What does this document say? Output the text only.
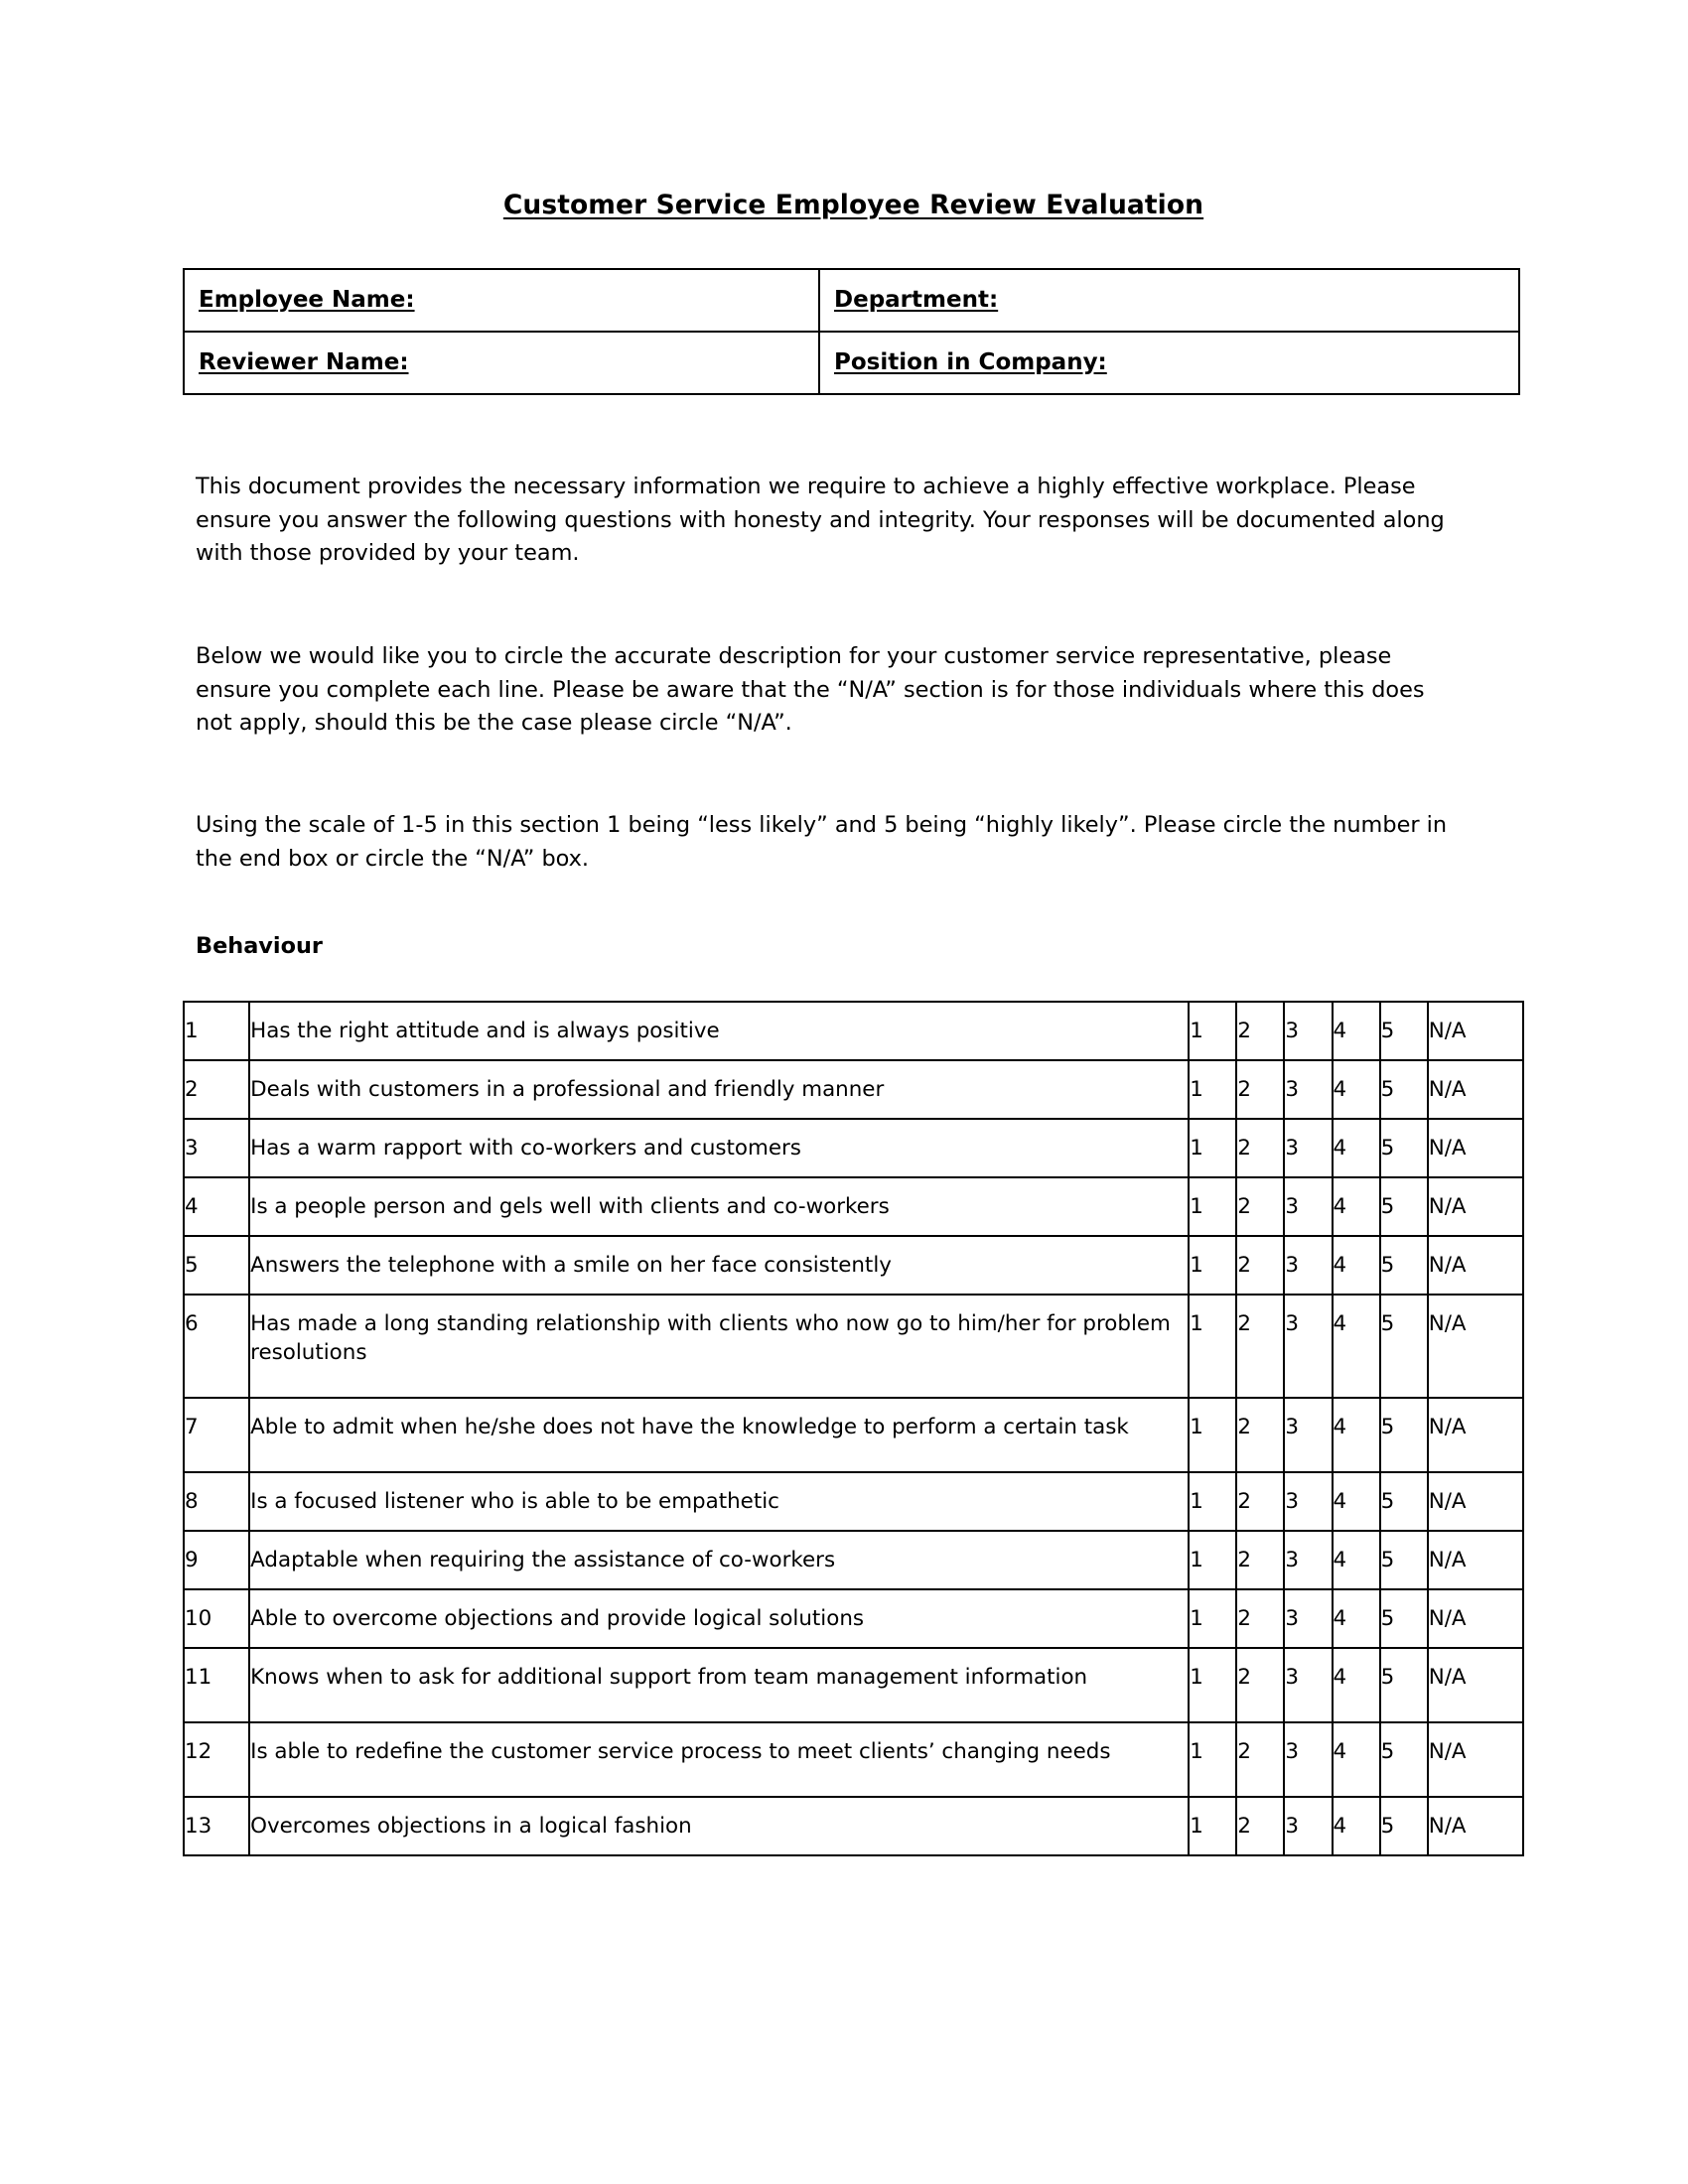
Customer Service Employee Review Evaluation
Employee Name:	Department:
Reviewer Name:	Position in Company:

This document provides the necessary information we require to achieve a highly effective workplace. Please ensure you answer the following questions with honesty and integrity. Your responses will be documented along with those provided by your team.

Below we would like you to circle the accurate description for your customer service representative, please ensure you complete each line. Please be aware that the “N/A” section is for those individuals where this does not apply, should this be the case please circle “N/A”.

Using the scale of 1-5 in this section 1 being “less likely” and 5 being “highly likely”. Please circle the number in the end box or circle the “N/A” box.

Behaviour
1	Has the right attitude and is always positive	1	2	3	4	5	N/A
2	Deals with customers in a professional and friendly manner	1	2	3	4	5	N/A
3	Has a warm rapport with co-workers and customers	1	2	3	4	5	N/A
4	Is a people person and gels well with clients and co-workers	1	2	3	4	5	N/A
5	Answers the telephone with a smile on her face consistently	1	2	3	4	5	N/A
6	Has made a long standing relationship with clients who now go to him/her for problem resolutions	1	2	3	4	5	N/A
7	Able to admit when he/she does not have the knowledge to perform a certain task	1	2	3	4	5	N/A
8	Is a focused listener who is able to be empathetic	1	2	3	4	5	N/A
9	Adaptable when requiring the assistance of co-workers	1	2	3	4	5	N/A
10	Able to overcome objections and provide logical solutions	1	2	3	4	5	N/A
11	Knows when to ask for additional support from team management information	1	2	3	4	5	N/A
12	Is able to redefine the customer service process to meet clients’ changing needs	1	2	3	4	5	N/A
13	Overcomes objections in a logical fashion	1	2	3	4	5	N/A
